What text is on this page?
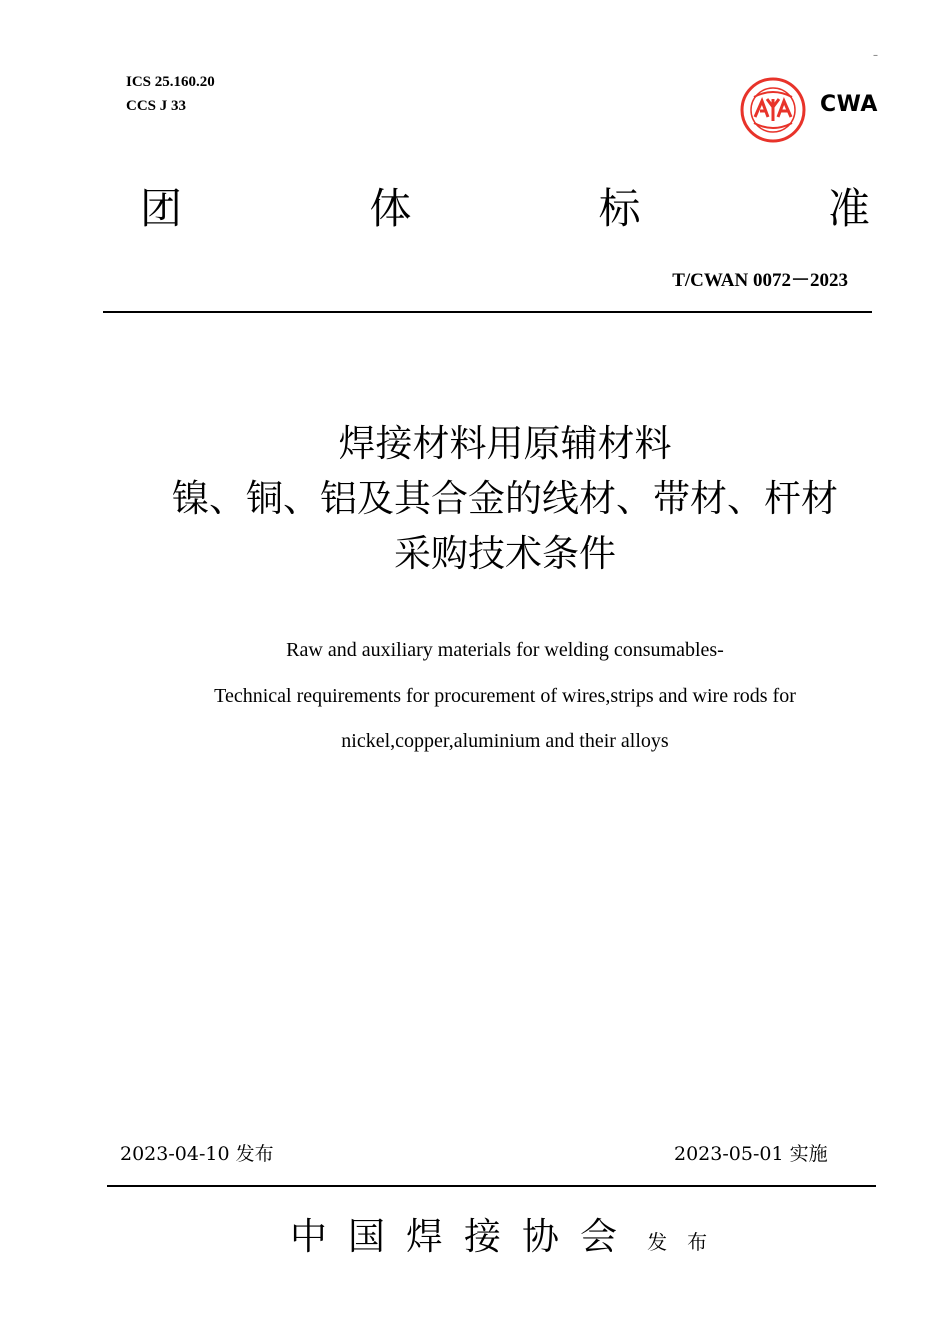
ICS 25.160.20
CCS J 33
–
CWA
团	体	标	准
T/CWAN 0072－2023
焊接材料用原辅材料
镍、铜、铝及其合金的线材、带材、杆材
采购技术条件
Raw and auxiliary materials for welding consumables-
Technical requirements for procurement of wires,strips and wire rods for
nickel,copper,aluminium and their alloys
2023-04-10 发布	2023-05-01 实施
中国焊接协会 发布
